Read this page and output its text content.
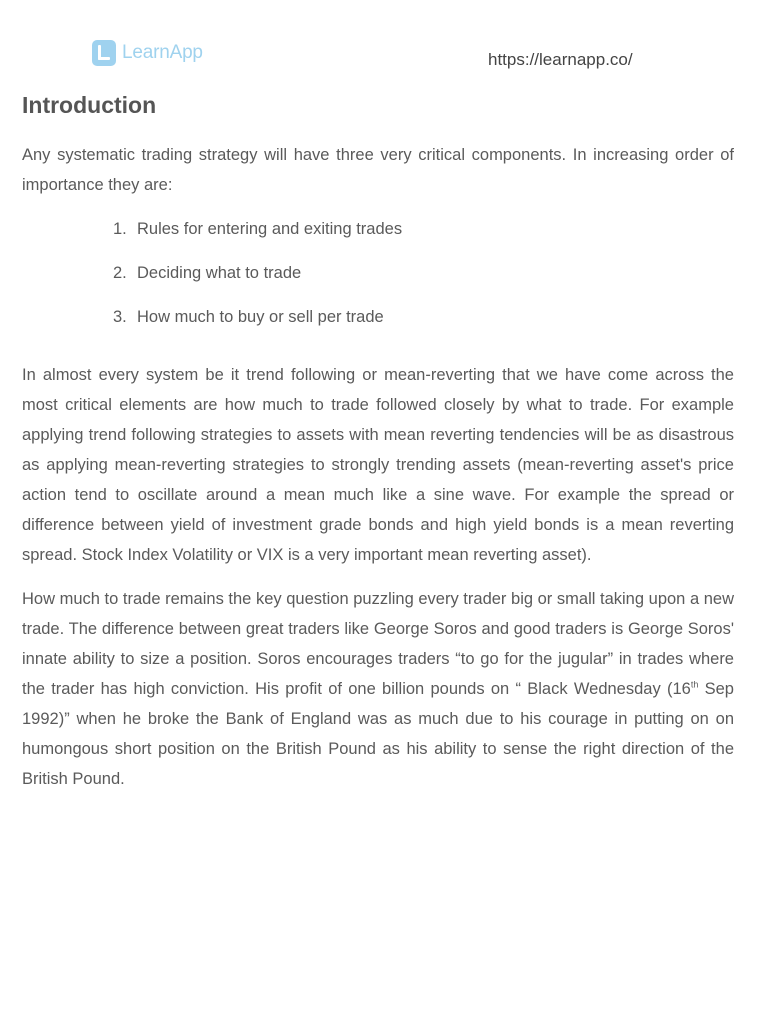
LearnApp	https://learnapp.co/
Introduction

Any systematic trading strategy will have three very critical components. In increasing order of importance they are:

1. Rules for entering and exiting trades
2. Deciding what to trade
3. How much to buy or sell per trade

In almost every system be it trend following or mean-reverting that we have come across the most critical elements are how much to trade followed closely by what to trade. For example applying trend following strategies to assets with mean reverting tendencies will be as disastrous as applying mean-reverting strategies to strongly trending assets (mean-reverting asset's price action tend to oscillate around a mean much like a sine wave. For example the spread or difference between yield of investment grade bonds and high yield bonds is a mean reverting spread. Stock Index Volatility or VIX is a very important mean reverting asset).

How much to trade remains the key question puzzling every trader big or small taking upon a new trade. The difference between great traders like George Soros and good traders is George Soros' innate ability to size a position. Soros encourages traders “to go for the jugular” in trades where the trader has high conviction. His profit of one billion pounds on “ Black Wednesday (16th Sep 1992)” when he broke the Bank of England was as much due to his courage in putting on on humongous short position on the British Pound as his ability to sense the right direction of the British Pound.
